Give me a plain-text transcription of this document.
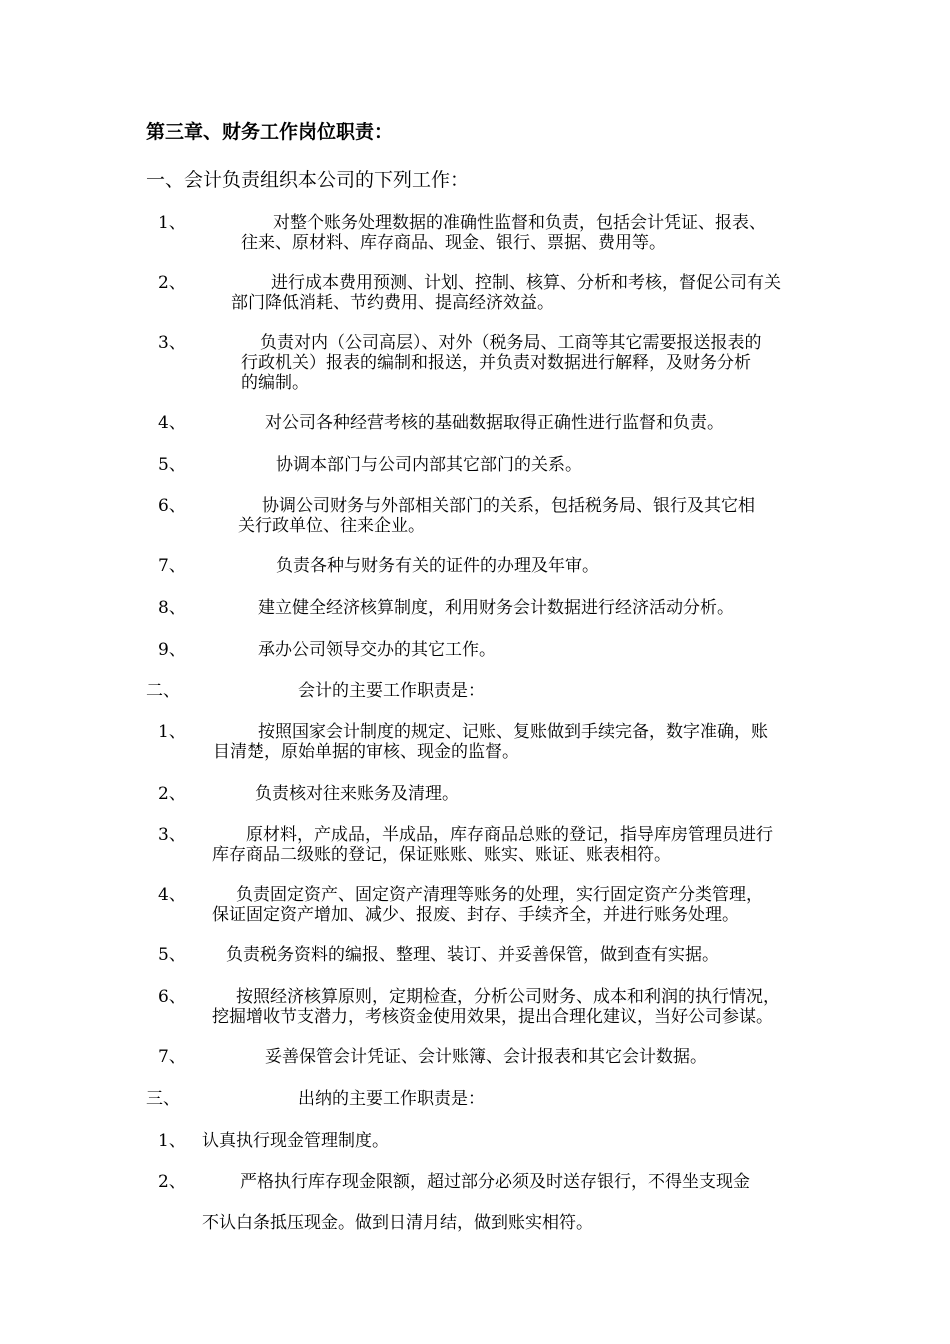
第三章、财务工作岗位职责：
一、会计负责组织本公司的下列工作：
1、	对整个账务处理数据的准确性监督和负责，包括会计凭证、报表、
往来、原材料、库存商品、现金、银行、票据、费用等。
2、	进行成本费用预测、计划、控制、核算、分析和考核，督促公司有关
部门降低消耗、节约费用、提高经济效益。
3、	负责对内（公司高层）、对外（税务局、工商等其它需要报送报表的
行政机关）报表的编制和报送，并负责对数据进行解释，及财务分析
的编制。
4、	对公司各种经营考核的基础数据取得正确性进行监督和负责。
5、	协调本部门与公司内部其它部门的关系。
6、	协调公司财务与外部相关部门的关系，包括税务局、银行及其它相
关行政单位、往来企业。
7、	负责各种与财务有关的证件的办理及年审。
8、	建立健全经济核算制度，利用财务会计数据进行经济活动分析。
9、	承办公司领导交办的其它工作。
二、	会计的主要工作职责是：
1、	按照国家会计制度的规定、记账、复账做到手续完备，数字准确，账
目清楚，原始单据的审核、现金的监督。
2、	负责核对往来账务及清理。
3、	原材料，产成品，半成品，库存商品总账的登记，指导库房管理员进行
库存商品二级账的登记，保证账账、账实、账证、账表相符。
4、	负责固定资产、固定资产清理等账务的处理，实行固定资产分类管理，
保证固定资产增加、减少、报废、封存、手续齐全，并进行账务处理。
5、 负责税务资料的编报、整理、装订、并妥善保管，做到查有实据。
6、	按照经济核算原则，定期检查，分析公司财务、成本和利润的执行情况，
挖掘增收节支潜力，考核资金使用效果，提出合理化建议，当好公司参谋。
7、	妥善保管会计凭证、会计账簿、会计报表和其它会计数据。
三、	出纳的主要工作职责是：
1、 认真执行现金管理制度。
2、	严格执行库存现金限额，超过部分必须及时送存银行，不得坐支现金
不认白条抵压现金。做到日清月结，做到账实相符。
